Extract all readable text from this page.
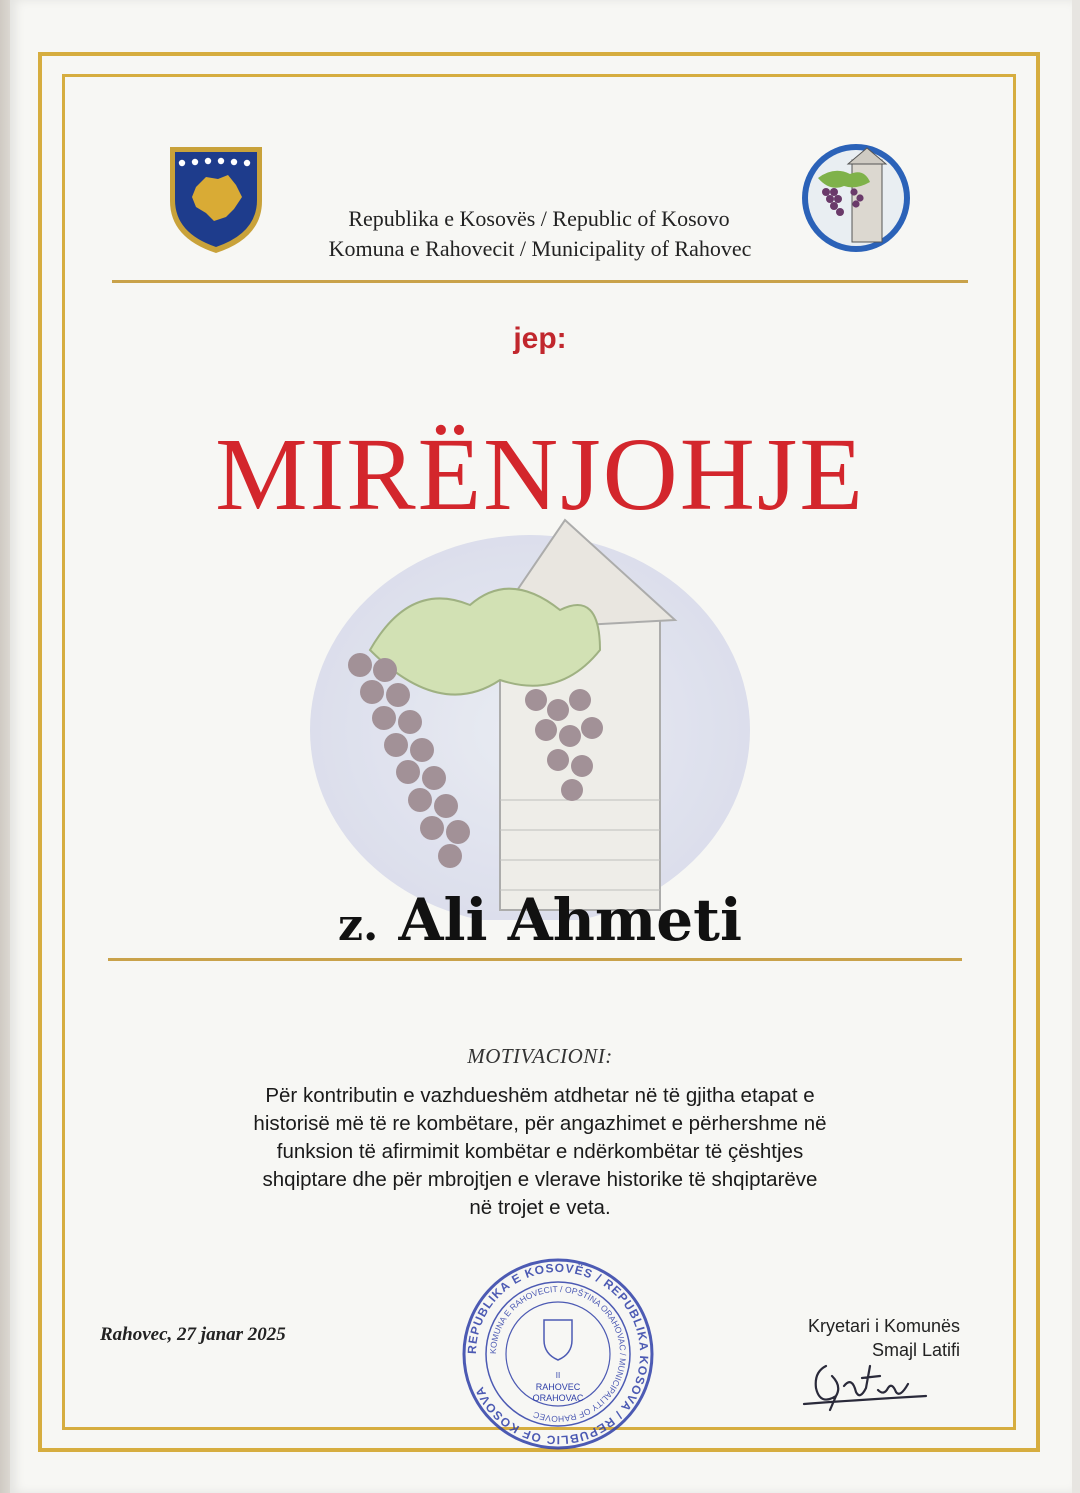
Republika e Kosovës / Republic of Kosovo
Komuna e Rahovecit / Municipality of Rahovec
jep:
MIRËNJOHJE
z. Ali Ahmeti
MOTIVACIONI:
Për kontributin e vazhdueshëm atdhetar në të gjitha etapat e
historisë më të re kombëtare, për angazhimet e përhershme në
funksion të afirmimit kombëtar e ndërkombëtar të çështjes
shqiptare dhe për mbrojtjen e vlerave historike të shqiptarëve
në trojet e veta.
Rahovec, 27 janar 2025
REPUBLIKA E KOSOVËS / REPUBLIKA KOSOVA / REPUBLIC OF KOSOVA
KOMUNA E RAHOVECIT / OPŠTINA ORAHOVAC / MUNICIPALITY OF RAHOVEC
II
RAHOVEC
ORAHOVAC
Kryetari i Komunës
Smajl Latifi
